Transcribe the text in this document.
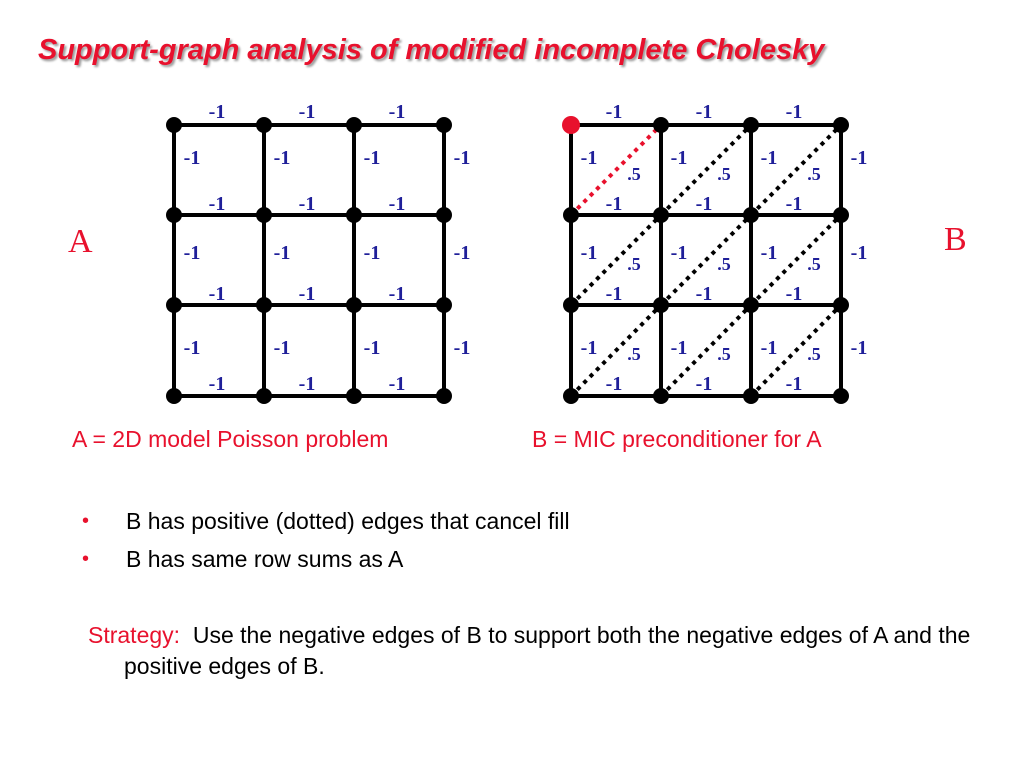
Support-graph analysis of modified incomplete Cholesky
-1	-1	-1
-1	-1	-1
-1	-1	-1
-1	-1	-1
-1	-1	-1	-1
-1	-1	-1	-1
-1	-1	-1	-1
-1	-1	-1
-1	-1	-1
-1	-1	-1
-1	-1	-1
-1	-1	-1	-1
-1	-1	-1	-1
-1	-1	-1	-1
.5	.5	.5
.5	.5	.5
.5	.5	.5
A	B
A = 2D model Poisson problem	B = MIC preconditioner for A
•	B has positive (dotted) edges that cancel fill
•	B has same row sums as A
Strategy: Use the negative edges of B to support both the negative edges of A and the positive edges of B.
